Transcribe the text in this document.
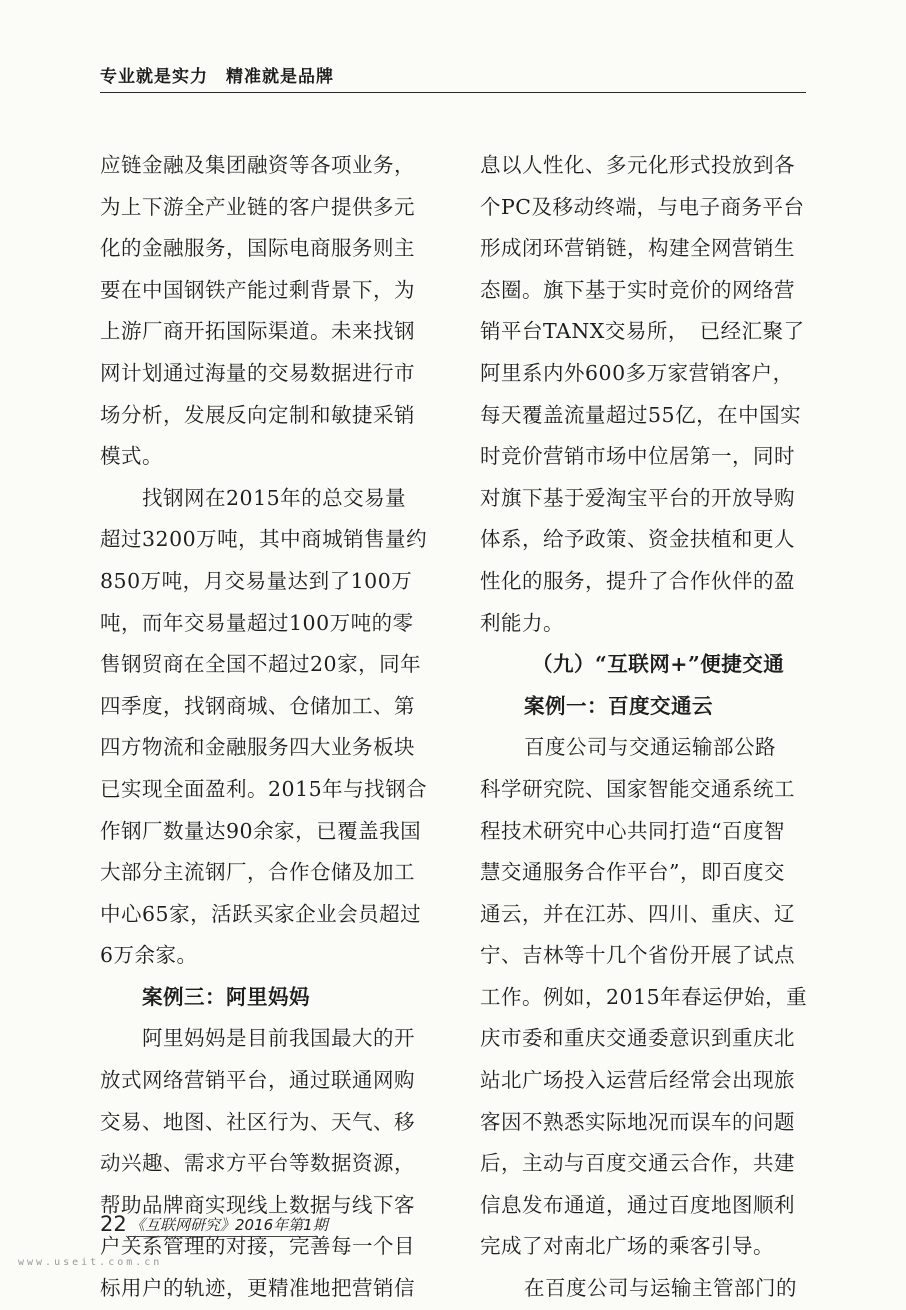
专业就是实力　精准就是品牌
应链金融及集团融资等各项业务，
为上下游全产业链的客户提供多元
化的金融服务，国际电商服务则主
要在中国钢铁产能过剩背景下，为
上游厂商开拓国际渠道。未来找钢
网计划通过海量的交易数据进行市
场分析，发展反向定制和敏捷采销
模式。
找钢网在2015年的总交易量
超过3200万吨，其中商城销售量约
850万吨，月交易量达到了100万
吨，而年交易量超过100万吨的零
售钢贸商在全国不超过20家，同年
四季度，找钢商城、仓储加工、第
四方物流和金融服务四大业务板块
已实现全面盈利。2015年与找钢合
作钢厂数量达90余家，已覆盖我国
大部分主流钢厂，合作仓储及加工
中心65家，活跃买家企业会员超过
6万余家。
案例三：阿里妈妈
阿里妈妈是目前我国最大的开
放式网络营销平台，通过联通网购
交易、地图、社区行为、天气、移
动兴趣、需求方平台等数据资源，
帮助品牌商实现线上数据与线下客
户关系管理的对接，完善每一个目
标用户的轨迹，更精准地把营销信
息以人性化、多元化形式投放到各
个PC及移动终端，与电子商务平台
形成闭环营销链，构建全网营销生
态圈。旗下基于实时竞价的网络营
销平台TANX交易所，　已经汇聚了
阿里系内外600多万家营销客户，
每天覆盖流量超过55亿，在中国实
时竞价营销市场中位居第一，同时
对旗下基于爱淘宝平台的开放导购
体系，给予政策、资金扶植和更人
性化的服务，提升了合作伙伴的盈
利能力。
（九）“互联网+”便捷交通
案例一：百度交通云
百度公司与交通运输部公路
科学研究院、国家智能交通系统工
程技术研究中心共同打造“百度智
慧交通服务合作平台”，即百度交
通云，并在江苏、四川、重庆、辽
宁、吉林等十几个省份开展了试点
工作。例如，2015年春运伊始，重
庆市委和重庆交通委意识到重庆北
站北广场投入运营后经常会出现旅
客因不熟悉实际地况而误车的问题
后，主动与百度交通云合作，共建
信息发布通道，通过百度地图顺利
完成了对南北广场的乘客引导。
在百度公司与运输主管部门的
22 《互联网研究》2016年第1期
www.useit.com.cn
